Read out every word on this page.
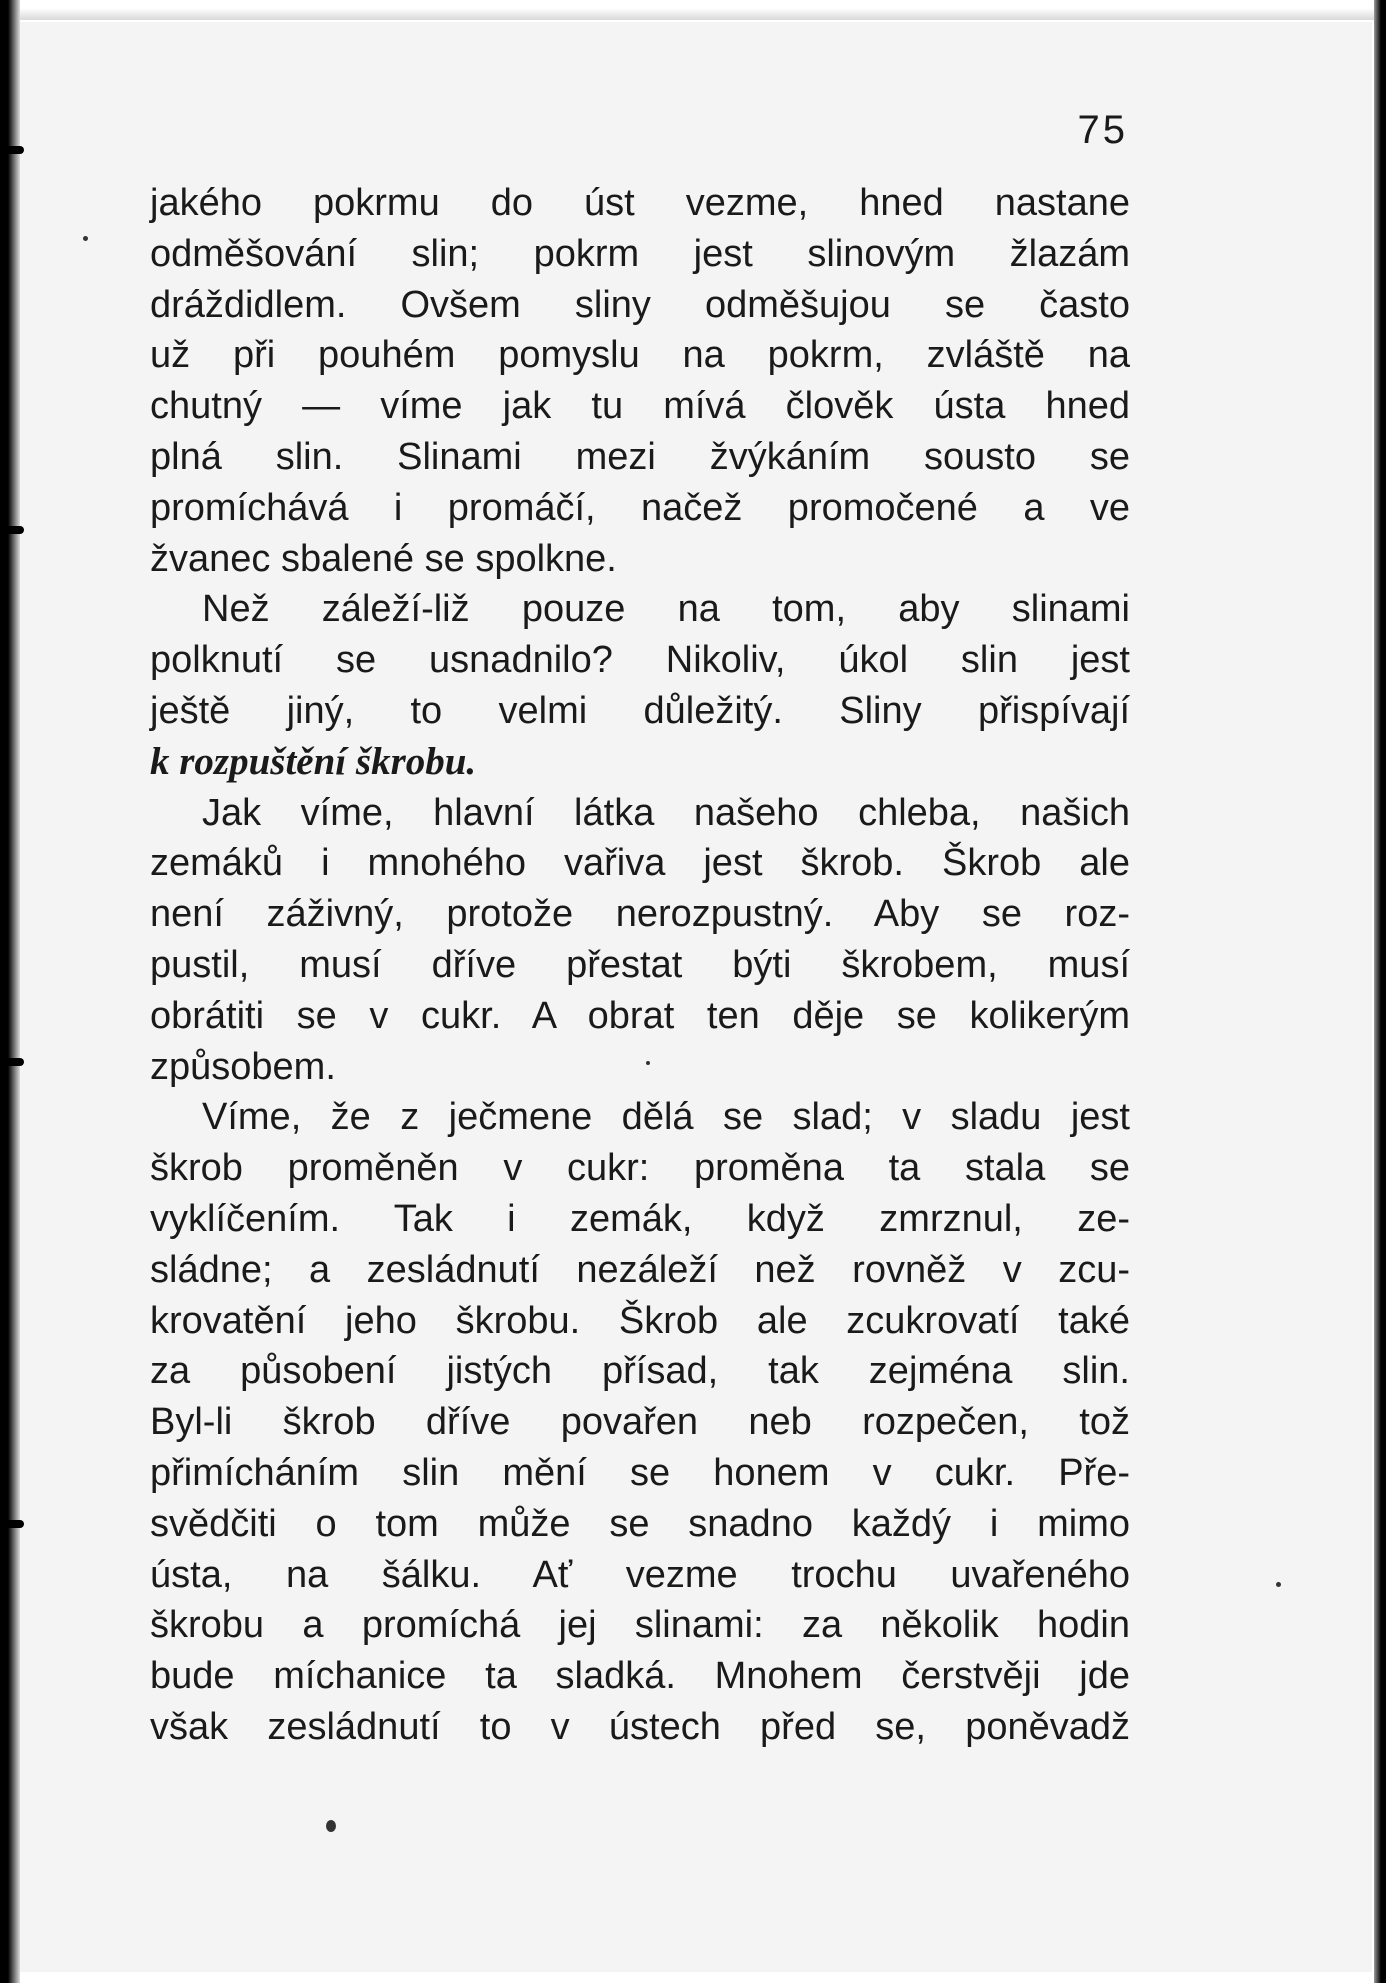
75

jakého pokrmu do úst vezme, hned nastane
odměšování slin; pokrm jest slinovým žlazám
dráždidlem. Ovšem sliny odměšujou se často
už při pouhém pomyslu na pokrm, zvláště na
chutný — víme jak tu mívá člověk ústa hned
plná slin. Slinami mezi žvýkáním sousto se
promíchává i promáčí, načež promočené a ve
žvanec sbalené se spolkne.
Než záleží-liž pouze na tom, aby slinami
polknutí se usnadnilo? Nikoliv, úkol slin jest
ještě jiný, to velmi důležitý. Sliny přispívají
k rozpuštění škrobu.
Jak víme, hlavní látka našeho chleba, našich
zemáků i mnohého vařiva jest škrob. Škrob ale
není záživný, protože nerozpustný. Aby se roz-
pustil, musí dříve přestat býti škrobem, musí
obrátiti se v cukr. A obrat ten děje se kolikerým
způsobem.
Víme, že z ječmene dělá se slad; v sladu jest
škrob proměněn v cukr: proměna ta stala se
vyklíčením. Tak i zemák, když zmrznul, ze-
sládne; a zesládnutí nezáleží než rovněž v zcu-
krovatění jeho škrobu. Škrob ale zcukrovatí také
za působení jistých přísad, tak zejména slin.
Byl-li škrob dříve povařen neb rozpečen, tož
přimícháním slin mění se honem v cukr. Pře-
svědčiti o tom může se snadno každý i mimo
ústa, na šálku. Ať vezme trochu uvařeného
škrobu a promíchá jej slinami: za několik hodin
bude míchanice ta sladká. Mnohem čerstvěji jde
však zesládnutí to v ústech před se, poněvadž
